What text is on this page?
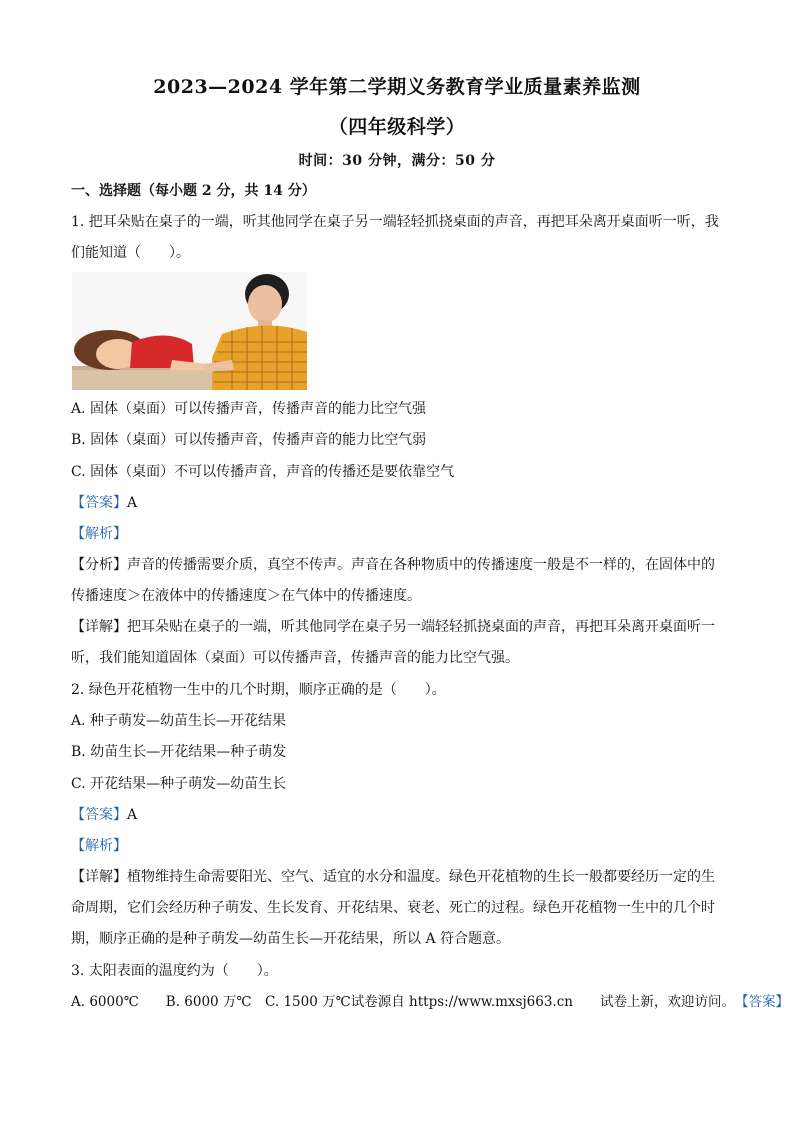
2023—2024 学年第二学期义务教育学业质量素养监测
（四年级科学）
时间：30 分钟，满分：50 分
一、选择题（每小题 2 分，共 14 分）
1. 把耳朵贴在桌子的一端，听其他同学在桌子另一端轻轻抓挠桌面的声音，再把耳朵离开桌面听一听，我
们能知道（　　）。
A. 固体（桌面）可以传播声音，传播声音的能力比空气强
B. 固体（桌面）可以传播声音，传播声音的能力比空气弱
C. 固体（桌面）不可以传播声音，声音的传播还是要依靠空气
【答案】A
【解析】
【分析】声音的传播需要介质，真空不传声。声音在各种物质中的传播速度一般是不一样的，在固体中的
传播速度＞在液体中的传播速度＞在气体中的传播速度。
【详解】把耳朵贴在桌子的一端，听其他同学在桌子另一端轻轻抓挠桌面的声音，再把耳朵离开桌面听一
听，我们能知道固体（桌面）可以传播声音，传播声音的能力比空气强。
2. 绿色开花植物一生中的几个时期，顺序正确的是（　　）。
A. 种子萌发—幼苗生长—开花结果
B. 幼苗生长—开花结果—种子萌发
C. 开花结果—种子萌发—幼苗生长
【答案】A
【解析】
【详解】植物维持生命需要阳光、空气、适宜的水分和温度。绿色开花植物的生长一般都要经历一定的生
命周期，它们会经历种子萌发、生长发育、开花结果、衰老、死亡的过程。绿色开花植物一生中的几个时
期，顺序正确的是种子萌发—幼苗生长—开花结果，所以 A 符合题意。
3. 太阳表面的温度约为（　　）。
A. 6000℃　　B. 6000 万℃　C. 1500 万℃ 试卷源自 https://www.mxsj663.cn　　试卷上新，欢迎访问。 【答案】
